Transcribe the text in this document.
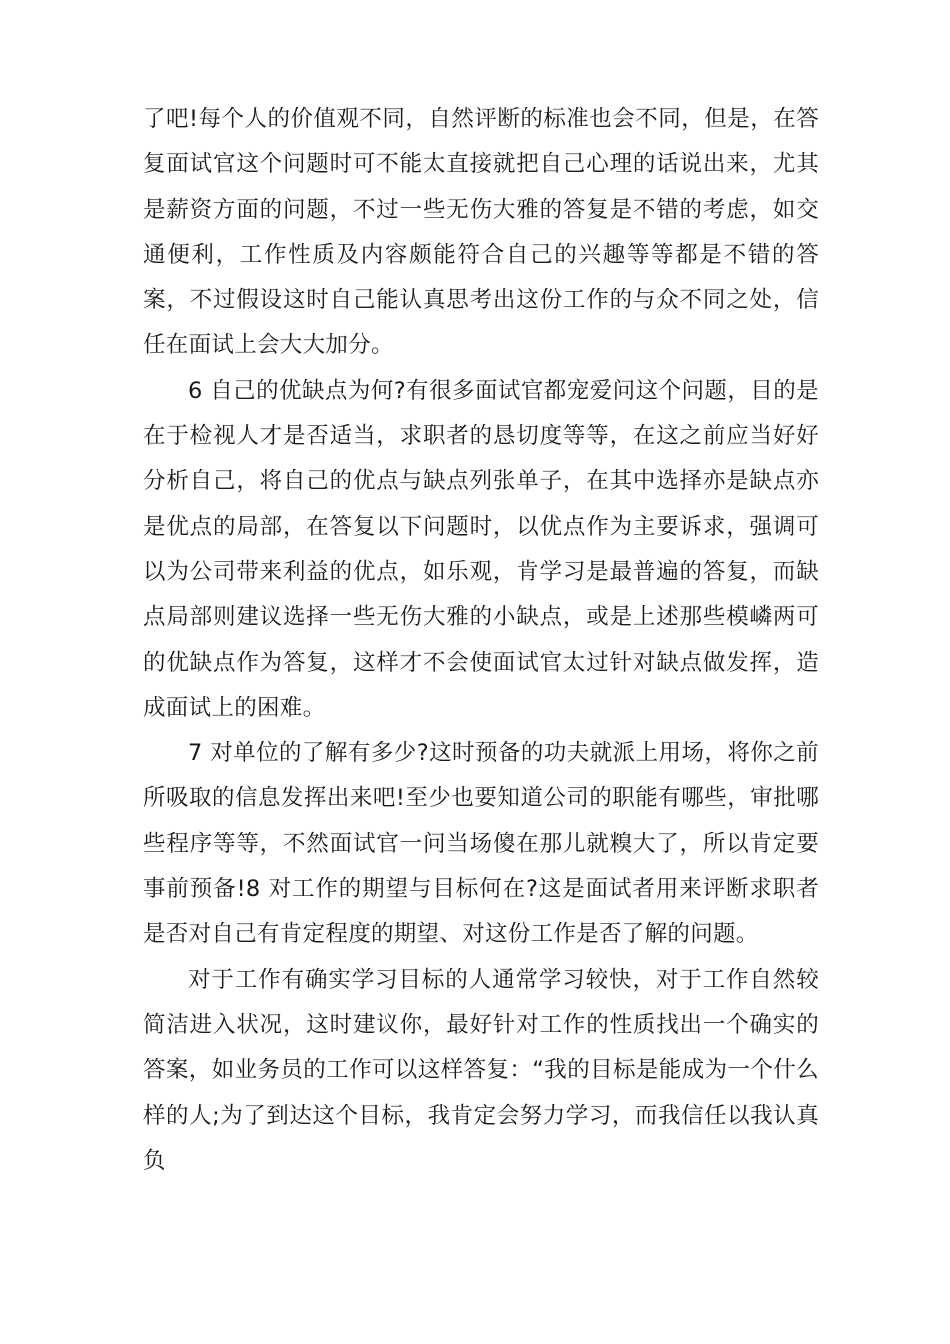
了吧!每个人的价值观不同，自然评断的标准也会不同，但是，在答复面试官这个问题时可不能太直接就把自己心理的话说出来，尤其是薪资方面的问题，不过一些无伤大雅的答复是不错的考虑，如交通便利，工作性质及内容颇能符合自己的兴趣等等都是不错的答案，不过假设这时自己能认真思考出这份工作的与众不同之处，信任在面试上会大大加分。

6 自己的优缺点为何?有很多面试官都宠爱问这个问题，目的是在于检视人才是否适当，求职者的恳切度等等，在这之前应当好好分析自己，将自己的优点与缺点列张单子，在其中选择亦是缺点亦是优点的局部，在答复以下问题时，以优点作为主要诉求，强调可以为公司带来利益的优点，如乐观，肯学习是最普遍的答复，而缺点局部则建议选择一些无伤大雅的小缺点，或是上述那些模嶙两可的优缺点作为答复，这样才不会使面试官太过针对缺点做发挥，造成面试上的困难。

7 对单位的了解有多少?这时预备的功夫就派上用场，将你之前所吸取的信息发挥出来吧!至少也要知道公司的职能有哪些，审批哪些程序等等，不然面试官一问当场傻在那儿就糗大了，所以肯定要事前预备!8 对工作的期望与目标何在?这是面试者用来评断求职者是否对自己有肯定程度的期望、对这份工作是否了解的问题。

对于工作有确实学习目标的人通常学习较快，对于工作自然较简洁进入状况，这时建议你，最好针对工作的性质找出一个确实的答案，如业务员的工作可以这样答复：“我的目标是能成为一个什么样的人;为了到达这个目标，我肯定会努力学习，而我信任以我认真负
